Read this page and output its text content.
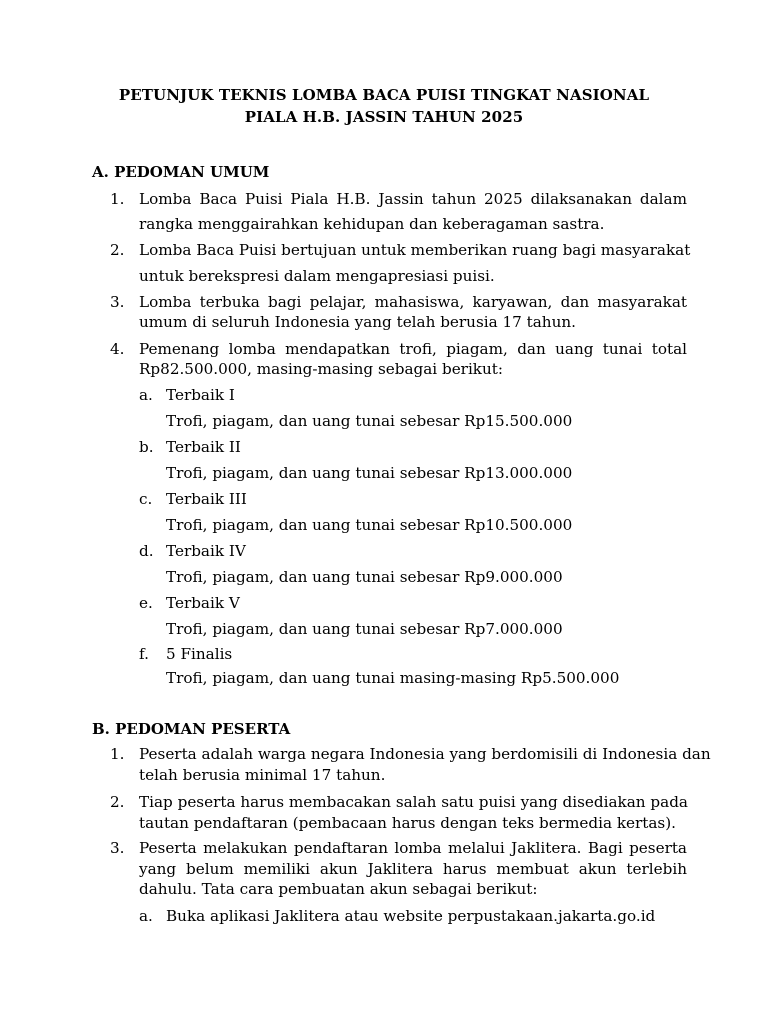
PETUNJUK TEKNIS LOMBA BACA PUISI TINGKAT NASIONAL
PIALA H.B. JASSIN TAHUN 2025
A. PEDOMAN UMUM
1. Lomba Baca Puisi Piala H.B. Jassin tahun 2025 dilaksanakan dalam
rangka menggairahkan kehidupan dan keberagaman sastra.
2. Lomba Baca Puisi bertujuan untuk memberikan ruang bagi masyarakat
untuk berekspresi dalam mengapresiasi puisi.
3. Lomba terbuka bagi pelajar, mahasiswa, karyawan, dan masyarakat
umum di seluruh Indonesia yang telah berusia 17 tahun.
4. Pemenang lomba mendapatkan trofi, piagam, dan uang tunai total
Rp82.500.000, masing-masing sebagai berikut:
a. Terbaik I
Trofi, piagam, dan uang tunai sebesar Rp15.500.000
b. Terbaik II
Trofi, piagam, dan uang tunai sebesar Rp13.000.000
c. Terbaik III
Trofi, piagam, dan uang tunai sebesar Rp10.500.000
d. Terbaik IV
Trofi, piagam, dan uang tunai sebesar Rp9.000.000
e. Terbaik V
Trofi, piagam, dan uang tunai sebesar Rp7.000.000
f.	5 Finalis
Trofi, piagam, dan uang tunai masing-masing Rp5.500.000
B. PEDOMAN PESERTA
1. Peserta adalah warga negara Indonesia yang berdomisili di Indonesia dan
telah berusia minimal 17 tahun.
2. Tiap peserta harus membacakan salah satu puisi yang disediakan pada
tautan pendaftaran (pembacaan harus dengan teks bermedia kertas).
3. Peserta melakukan pendaftaran lomba melalui Jaklitera. Bagi peserta
yang belum memiliki akun Jaklitera harus membuat akun terlebih
dahulu. Tata cara pembuatan akun sebagai berikut:
a. Buka aplikasi Jaklitera atau website perpustakaan.jakarta.go.id
